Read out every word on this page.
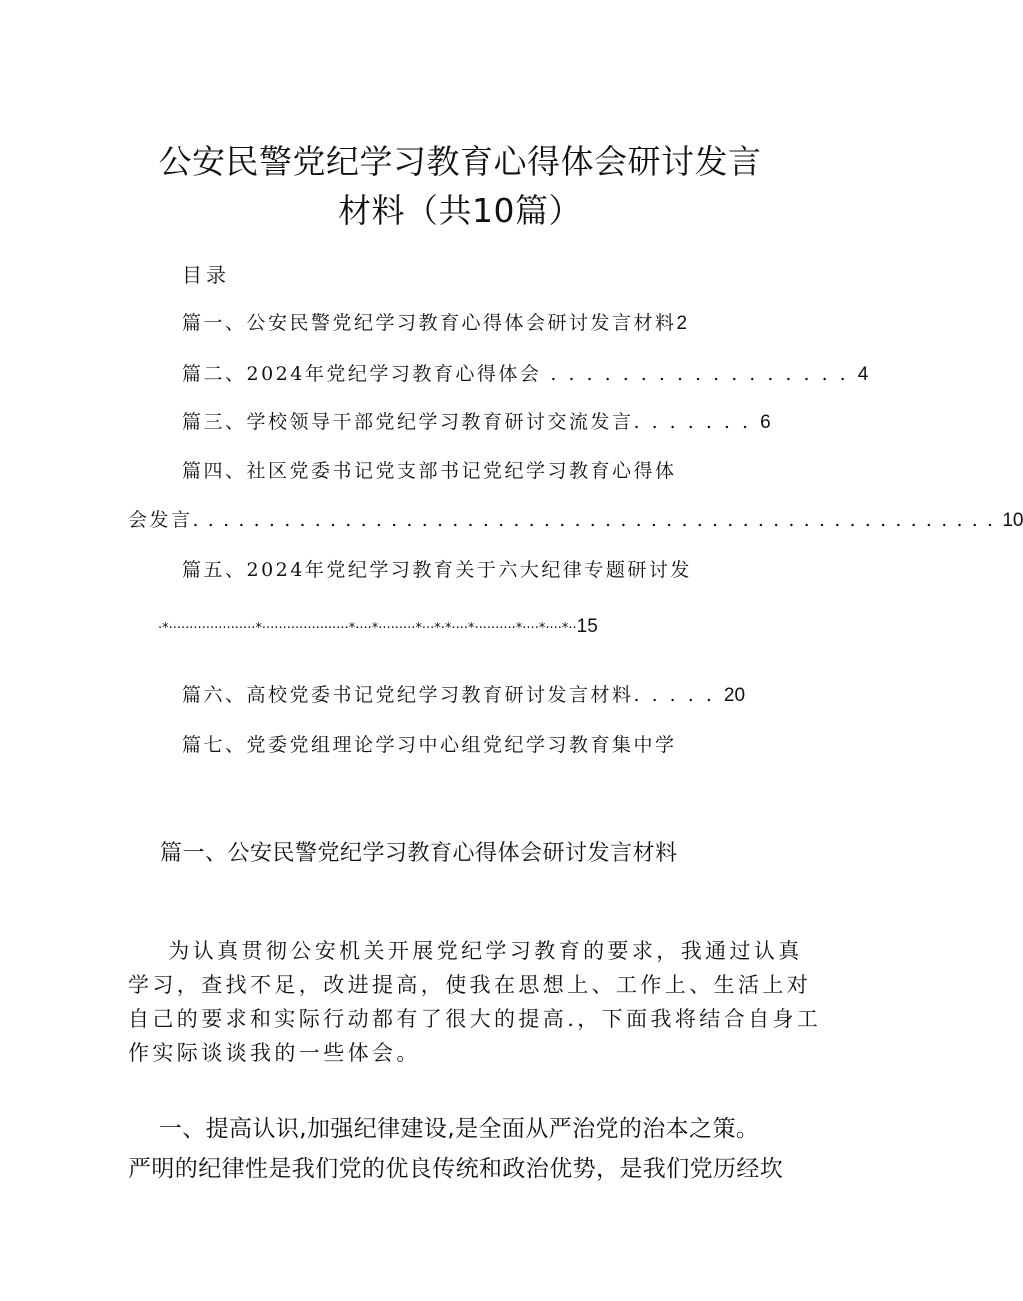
公安民警党纪学习教育心得体会研讨发言
材料（共10篇）
目录
篇一、公安民警党纪学习教育心得体会研讨发言材料2
篇二、2024年党纪学习教育心得体会 . . . . . . . . . . . . . . . . . 4
篇三、学校领导干部党纪学习教育研讨交流发言. . . . . . . 6
篇四、社区党委书记党支部书记党纪学习教育心得体
会发言. . . . . . . . . . . . . . . . . . . . . . . . . . . . . . . . . . . . . . . . . . . . . . . . . . . . . 10
篇五、2024年党纪学习教育关于六大纪律专题研讨发
·*·····················*·····················*····*·········*···*·*····*··········*····*····*··15
篇六、高校党委书记党纪学习教育研讨发言材料. . . . . 20
篇七、党委党组理论学习中心组党纪学习教育集中学
篇一、公安民警党纪学习教育心得体会研讨发言材料
为认真贯彻公安机关开展党纪学习教育的要求，我通过认真
学习，查找不足，改进提高，使我在思想上、工作上、生活上对
自己的要求和实际行动都有了很大的提高.，下面我将结合自身工
作实际谈谈我的一些体会。
一、提高认识,加强纪律建设,是全面从严治党的治本之策。
严明的纪律性是我们党的优良传统和政治优势，是我们党历经坎
